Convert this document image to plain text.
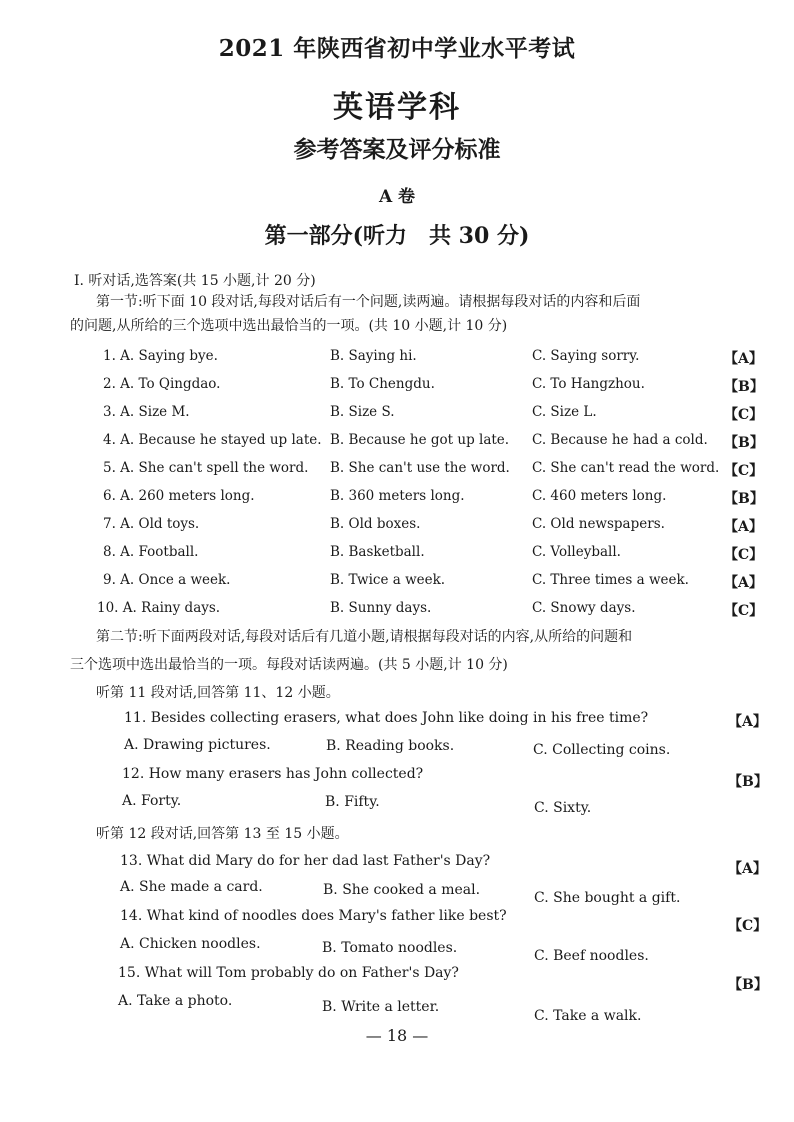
2021 年陕西省初中学业水平考试
英语学科
参考答案及评分标准
A 卷
第一部分(听力　共 30 分)
Ⅰ. 听对话,选答案(共 15 小题,计 20 分)
第一节:听下面 10 段对话,每段对话后有一个问题,读两遍。请根据每段对话的内容和后面
的问题,从所给的三个选项中选出最恰当的一项。(共 10 小题,计 10 分)
1. A. Saying bye.	B. Saying hi.	C. Saying sorry.	【A】
2. A. To Qingdao.	B. To Chengdu.	C. To Hangzhou.	【B】
3. A. Size M.	B. Size S.	C. Size L.	【C】
4. A. Because he stayed up late. B. Because he got up late. C. Because he had a cold. 【B】
5. A. She can't spell the word. B. She can't use the word. C. She can't read the word. 【C】
6. A. 260 meters long.	B. 360 meters long.	C. 460 meters long.	【B】
7. A. Old toys.	B. Old boxes.	C. Old newspapers.	【A】
8. A. Football.	B. Basketball.	C. Volleyball.	【C】
9. A. Once a week.	B. Twice a week.	C. Three times a week.	【A】
10. A. Rainy days.	B. Sunny days.	C. Snowy days.	【C】
第二节:听下面两段对话,每段对话后有几道小题,请根据每段对话的内容,从所给的问题和
三个选项中选出最恰当的一项。每段对话读两遍。(共 5 小题,计 10 分)
听第 11 段对话,回答第 11、12 小题。
11. Besides collecting erasers, what does John like doing in his free time?	【A】
A. Drawing pictures.	B. Reading books.	C. Collecting coins.
12. How many erasers has John collected?	【B】
A. Forty.	B. Fifty.	C. Sixty.
听第 12 段对话,回答第 13 至 15 小题。
13. What did Mary do for her dad last Father's Day?	【A】
A. She made a card.	B. She cooked a meal.	C. She bought a gift.
14. What kind of noodles does Mary's father like best?
【C】
A. Chicken noodles.	B. Tomato noodles.	C. Beef noodles.
15. What will Tom probably do on Father's Day?
【B】
A. Take a photo.	B. Write a letter.
C. Take a walk.
— 18 —
